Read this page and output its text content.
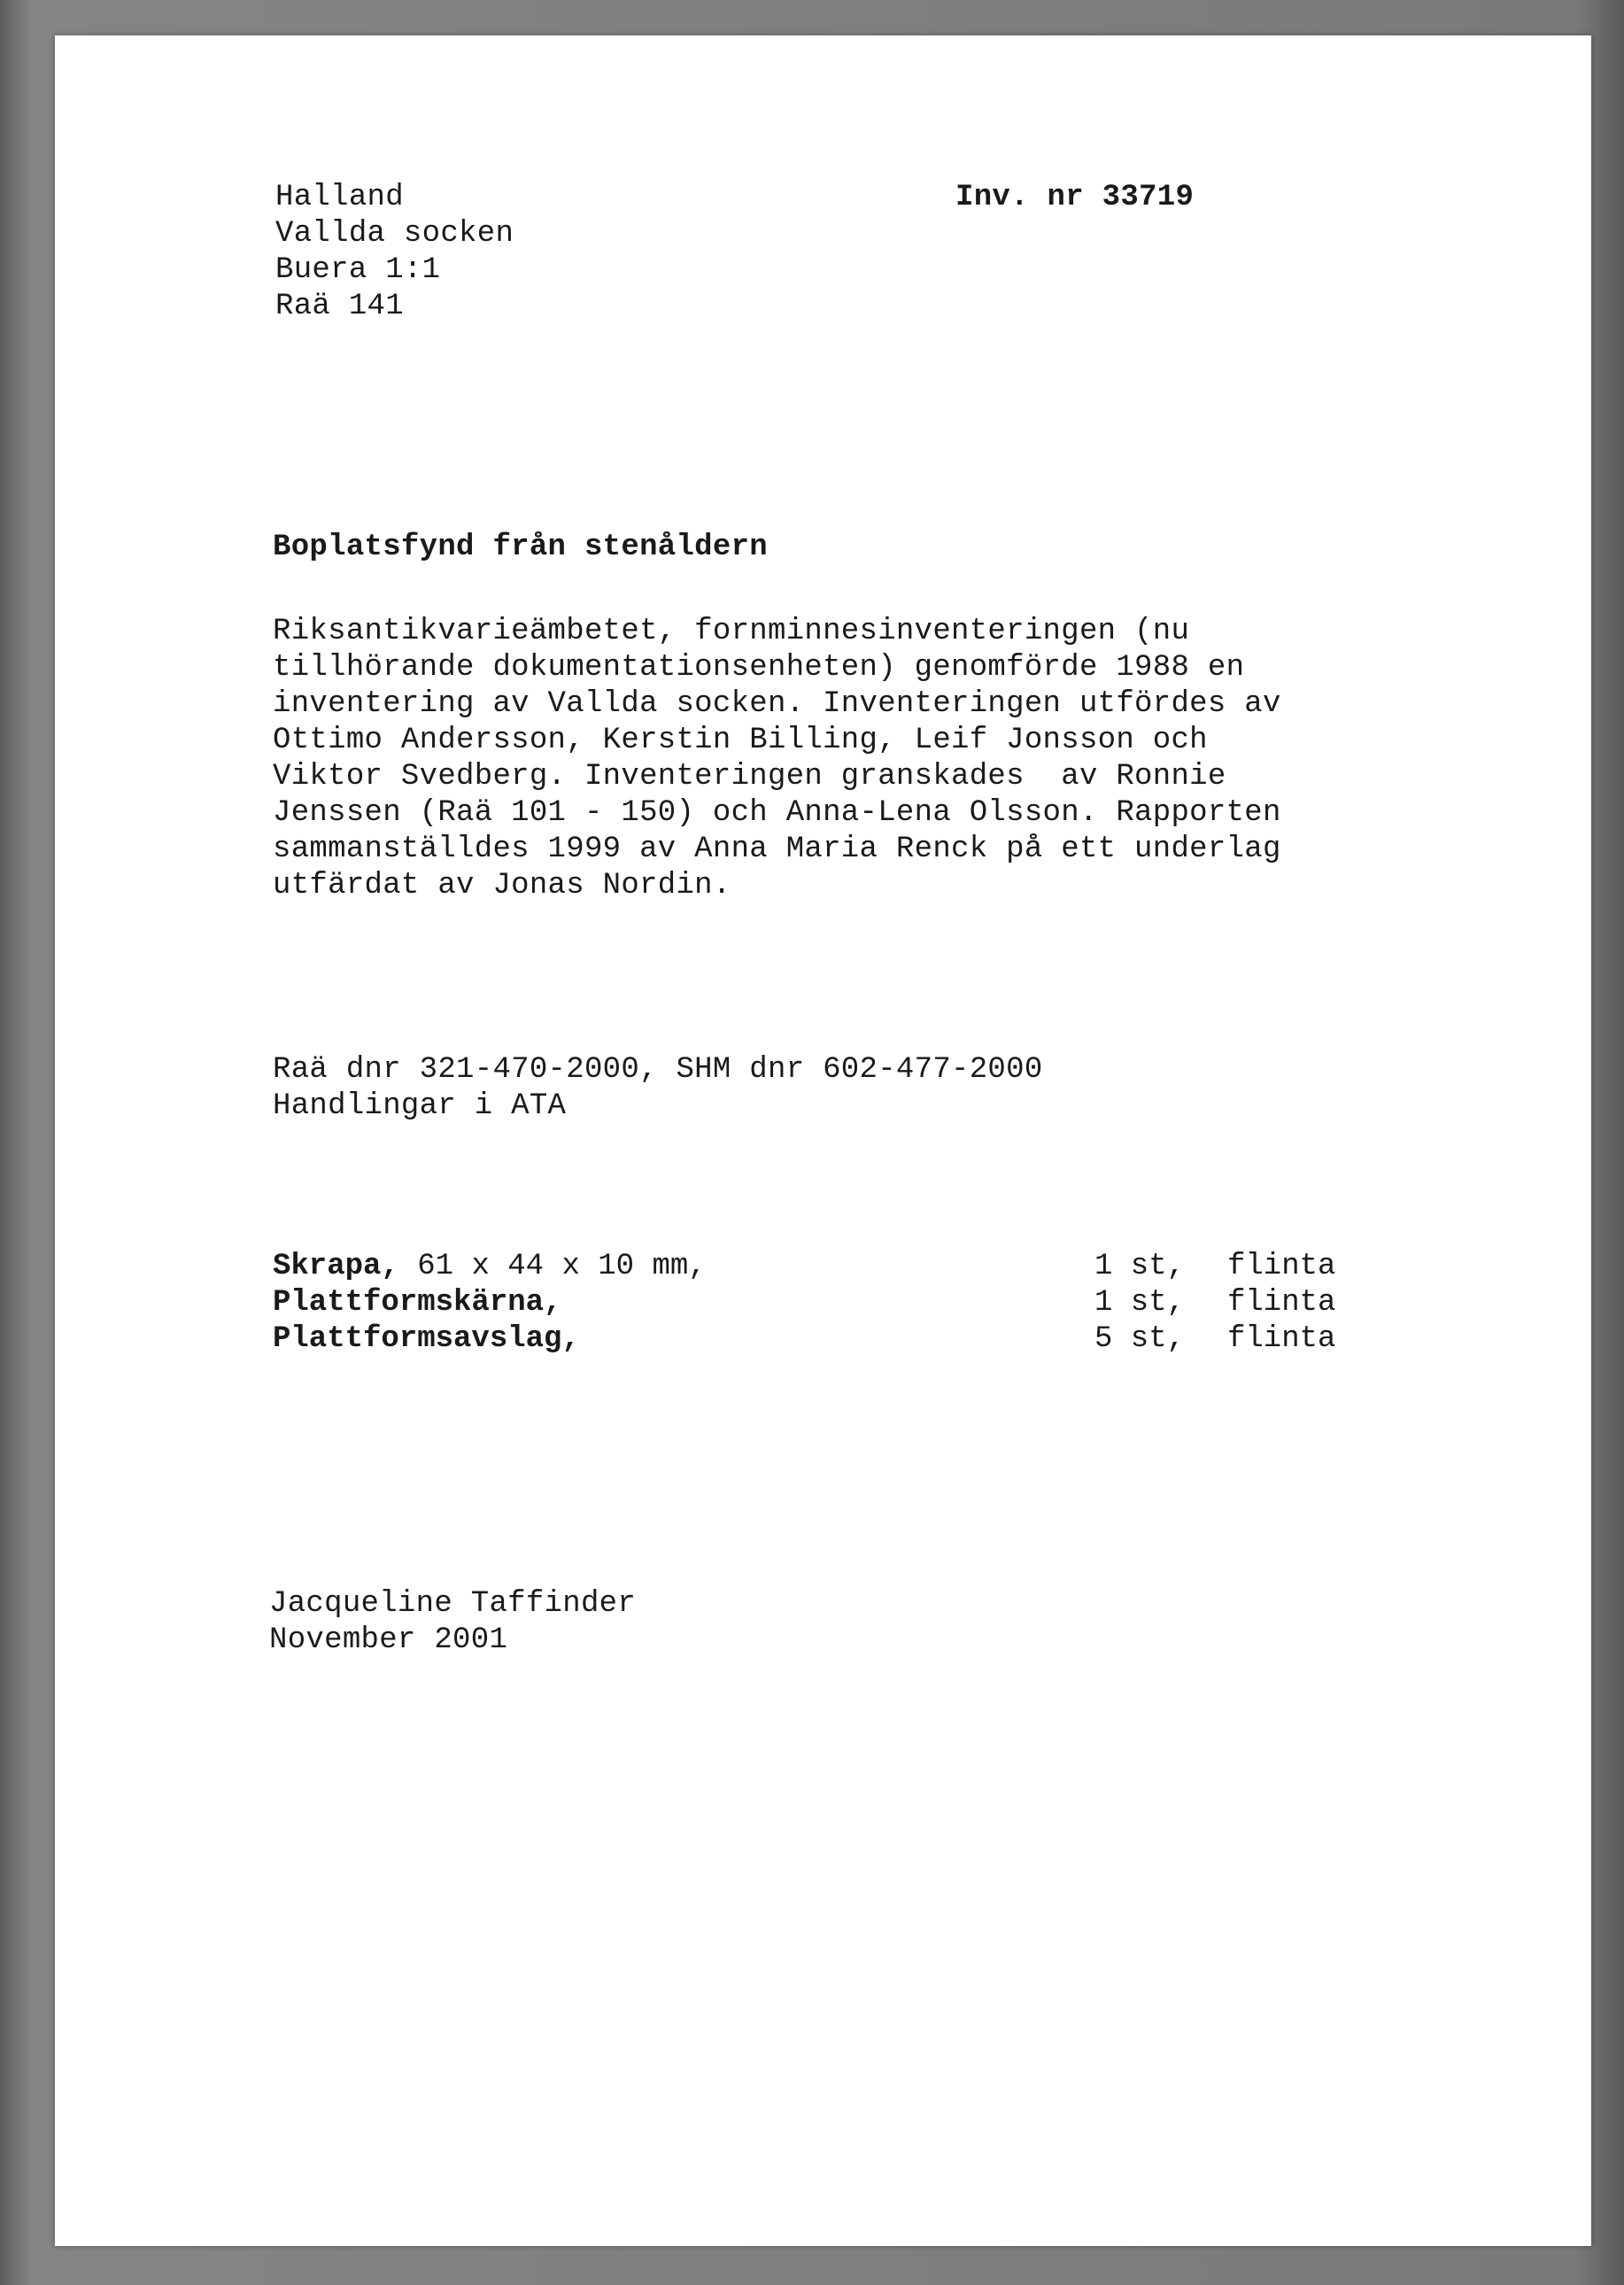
Halland
Vallda socken
Buera 1:1
Raä 141
Inv. nr 33719
Boplatsfynd från stenåldern
Riksantikvarieämbetet, fornminnesinventeringen (nu
tillhörande dokumentationsenheten) genomförde 1988 en
inventering av Vallda socken. Inventeringen utfördes av
Ottimo Andersson, Kerstin Billing, Leif Jonsson och
Viktor Svedberg. Inventeringen granskades  av Ronnie
Jenssen (Raä 101 - 150) och Anna-Lena Olsson. Rapporten
sammanställdes 1999 av Anna Maria Renck på ett underlag
utfärdat av Jonas Nordin.
Raä dnr 321-470-2000, SHM dnr 602-477-2000
Handlingar i ATA
Skrapa, 61 x 44 x 10 mm,	1 st, flinta
Plattformskärna,	1 st, flinta
Plattformsavslag,	5 st, flinta
Jacqueline Taffinder
November 2001
